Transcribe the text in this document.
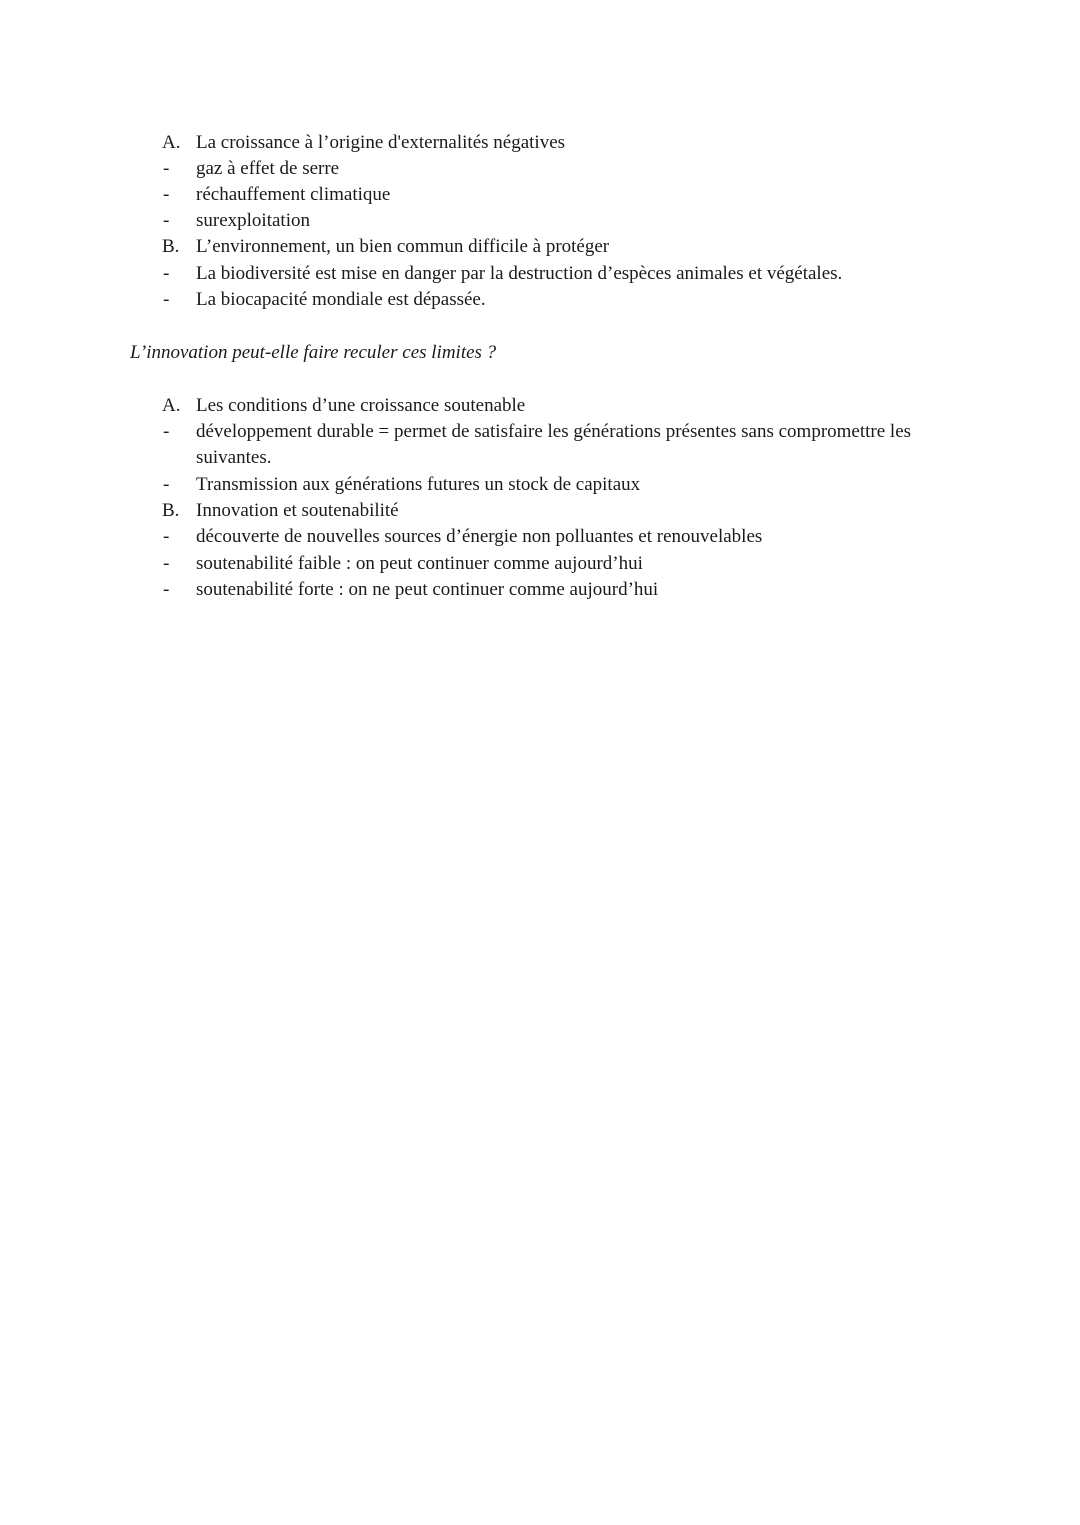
A. La croissance à l’origine d'externalités négatives
- gaz à effet de serre
- réchauffement climatique
- surexploitation
B. L’environnement, un bien commun difficile à protéger
- La biodiversité est mise en danger par la destruction d’espèces animales et végétales.
- La biocapacité mondiale est dépassée.
L’innovation peut-elle faire reculer ces limites ?
A. Les conditions d’une croissance soutenable
- développement durable = permet de satisfaire les générations présentes sans compromettre les
suivantes.
- Transmission aux générations futures un stock de capitaux
B. Innovation et soutenabilité
- découverte de nouvelles sources d’énergie non polluantes et renouvelables
- soutenabilité faible : on peut continuer comme aujourd’hui
- soutenabilité forte : on ne peut continuer comme aujourd’hui
